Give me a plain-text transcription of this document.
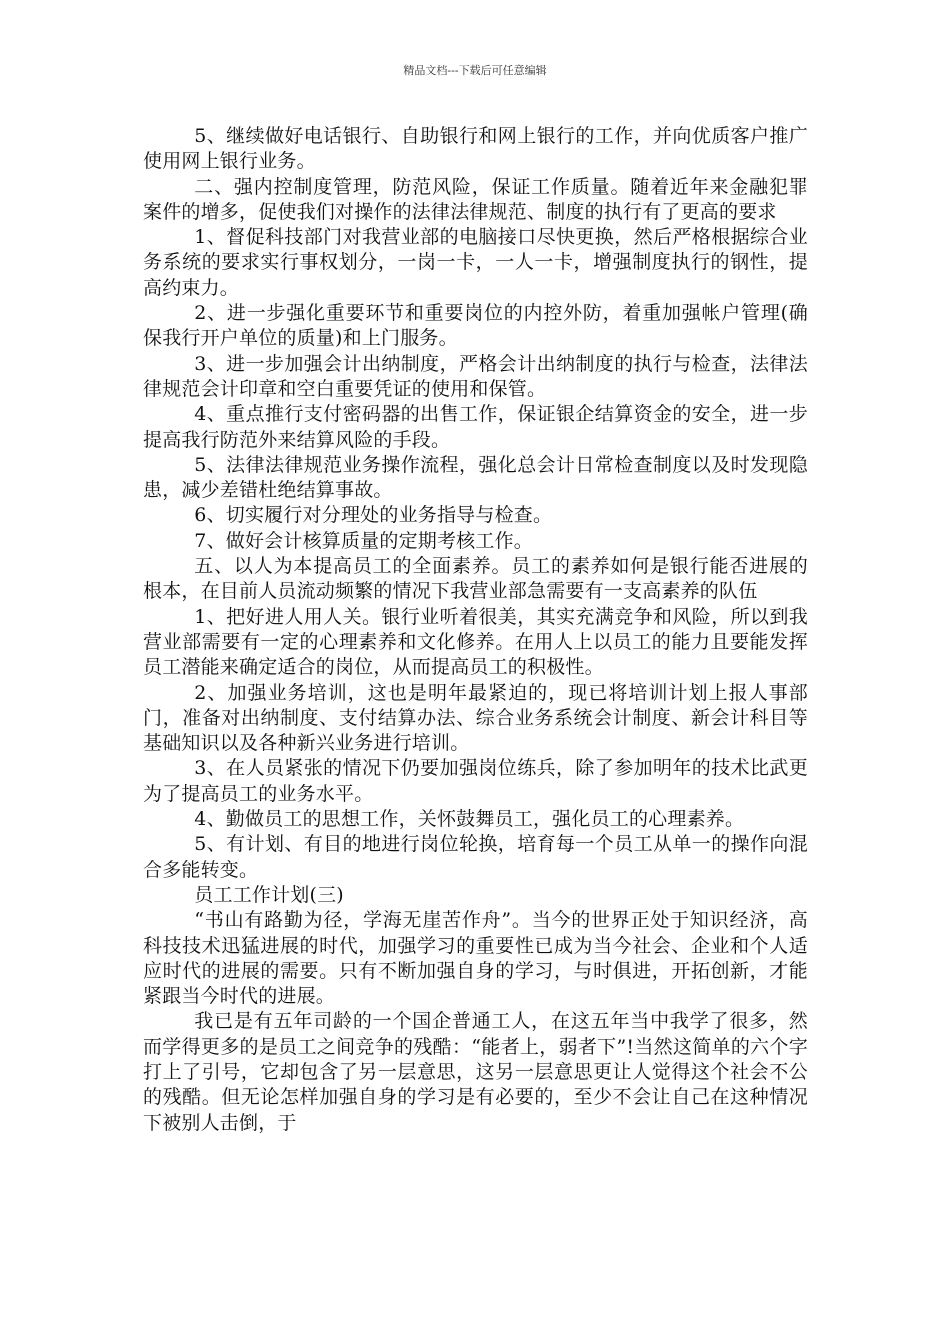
精品文档---下载后可任意编辑

5、继续做好电话银行、自助银行和网上银行的工作，并向优质客户推广使用网上银行业务。

二、强内控制度管理，防范风险，保证工作质量。随着近年来金融犯罪案件的增多，促使我们对操作的法律法律规范、制度的执行有了更高的要求

1、督促科技部门对我营业部的电脑接口尽快更换，然后严格根据综合业务系统的要求实行事权划分，一岗一卡，一人一卡，增强制度执行的钢性，提高约束力。

2、进一步强化重要环节和重要岗位的内控外防，着重加强帐户管理(确保我行开户单位的质量)和上门服务。

3、进一步加强会计出纳制度，严格会计出纳制度的执行与检查，法律法律规范会计印章和空白重要凭证的使用和保管。

4、重点推行支付密码器的出售工作，保证银企结算资金的安全，进一步提高我行防范外来结算风险的手段。

5、法律法律规范业务操作流程，强化总会计日常检查制度以及时发现隐患，减少差错杜绝结算事故。

6、切实履行对分理处的业务指导与检查。

7、做好会计核算质量的定期考核工作。

五、以人为本提高员工的全面素养。员工的素养如何是银行能否进展的根本，在目前人员流动频繁的情况下我营业部急需要有一支高素养的队伍

1、把好进人用人关。银行业听着很美，其实充满竞争和风险，所以到我营业部需要有一定的心理素养和文化修养。在用人上以员工的能力且要能发挥员工潜能来确定适合的岗位，从而提高员工的积极性。

2、加强业务培训，这也是明年最紧迫的，现已将培训计划上报人事部门，准备对出纳制度、支付结算办法、综合业务系统会计制度、新会计科目等基础知识以及各种新兴业务进行培训。

3、在人员紧张的情况下仍要加强岗位练兵，除了参加明年的技术比武更为了提高员工的业务水平。

4、勤做员工的思想工作，关怀鼓舞员工，强化员工的心理素养。

5、有计划、有目的地进行岗位轮换，培育每一个员工从单一的操作向混合多能转变。

员工工作计划(三)

“书山有路勤为径，学海无崖苦作舟”。当今的世界正处于知识经济，高科技技术迅猛进展的时代，加强学习的重要性已成为当今社会、企业和个人适应时代的进展的需要。只有不断加强自身的学习，与时俱进，开拓创新，才能紧跟当今时代的进展。

我已是有五年司龄的一个国企普通工人，在这五年当中我学了很多，然而学得更多的是员工之间竞争的残酷：“能者上，弱者下”!当然这简单的六个字打上了引号，它却包含了另一层意思，这另一层意思更让人觉得这个社会不公的残酷。但无论怎样加强自身的学习是有必要的，至少不会让自己在这种情况下被别人击倒，于
